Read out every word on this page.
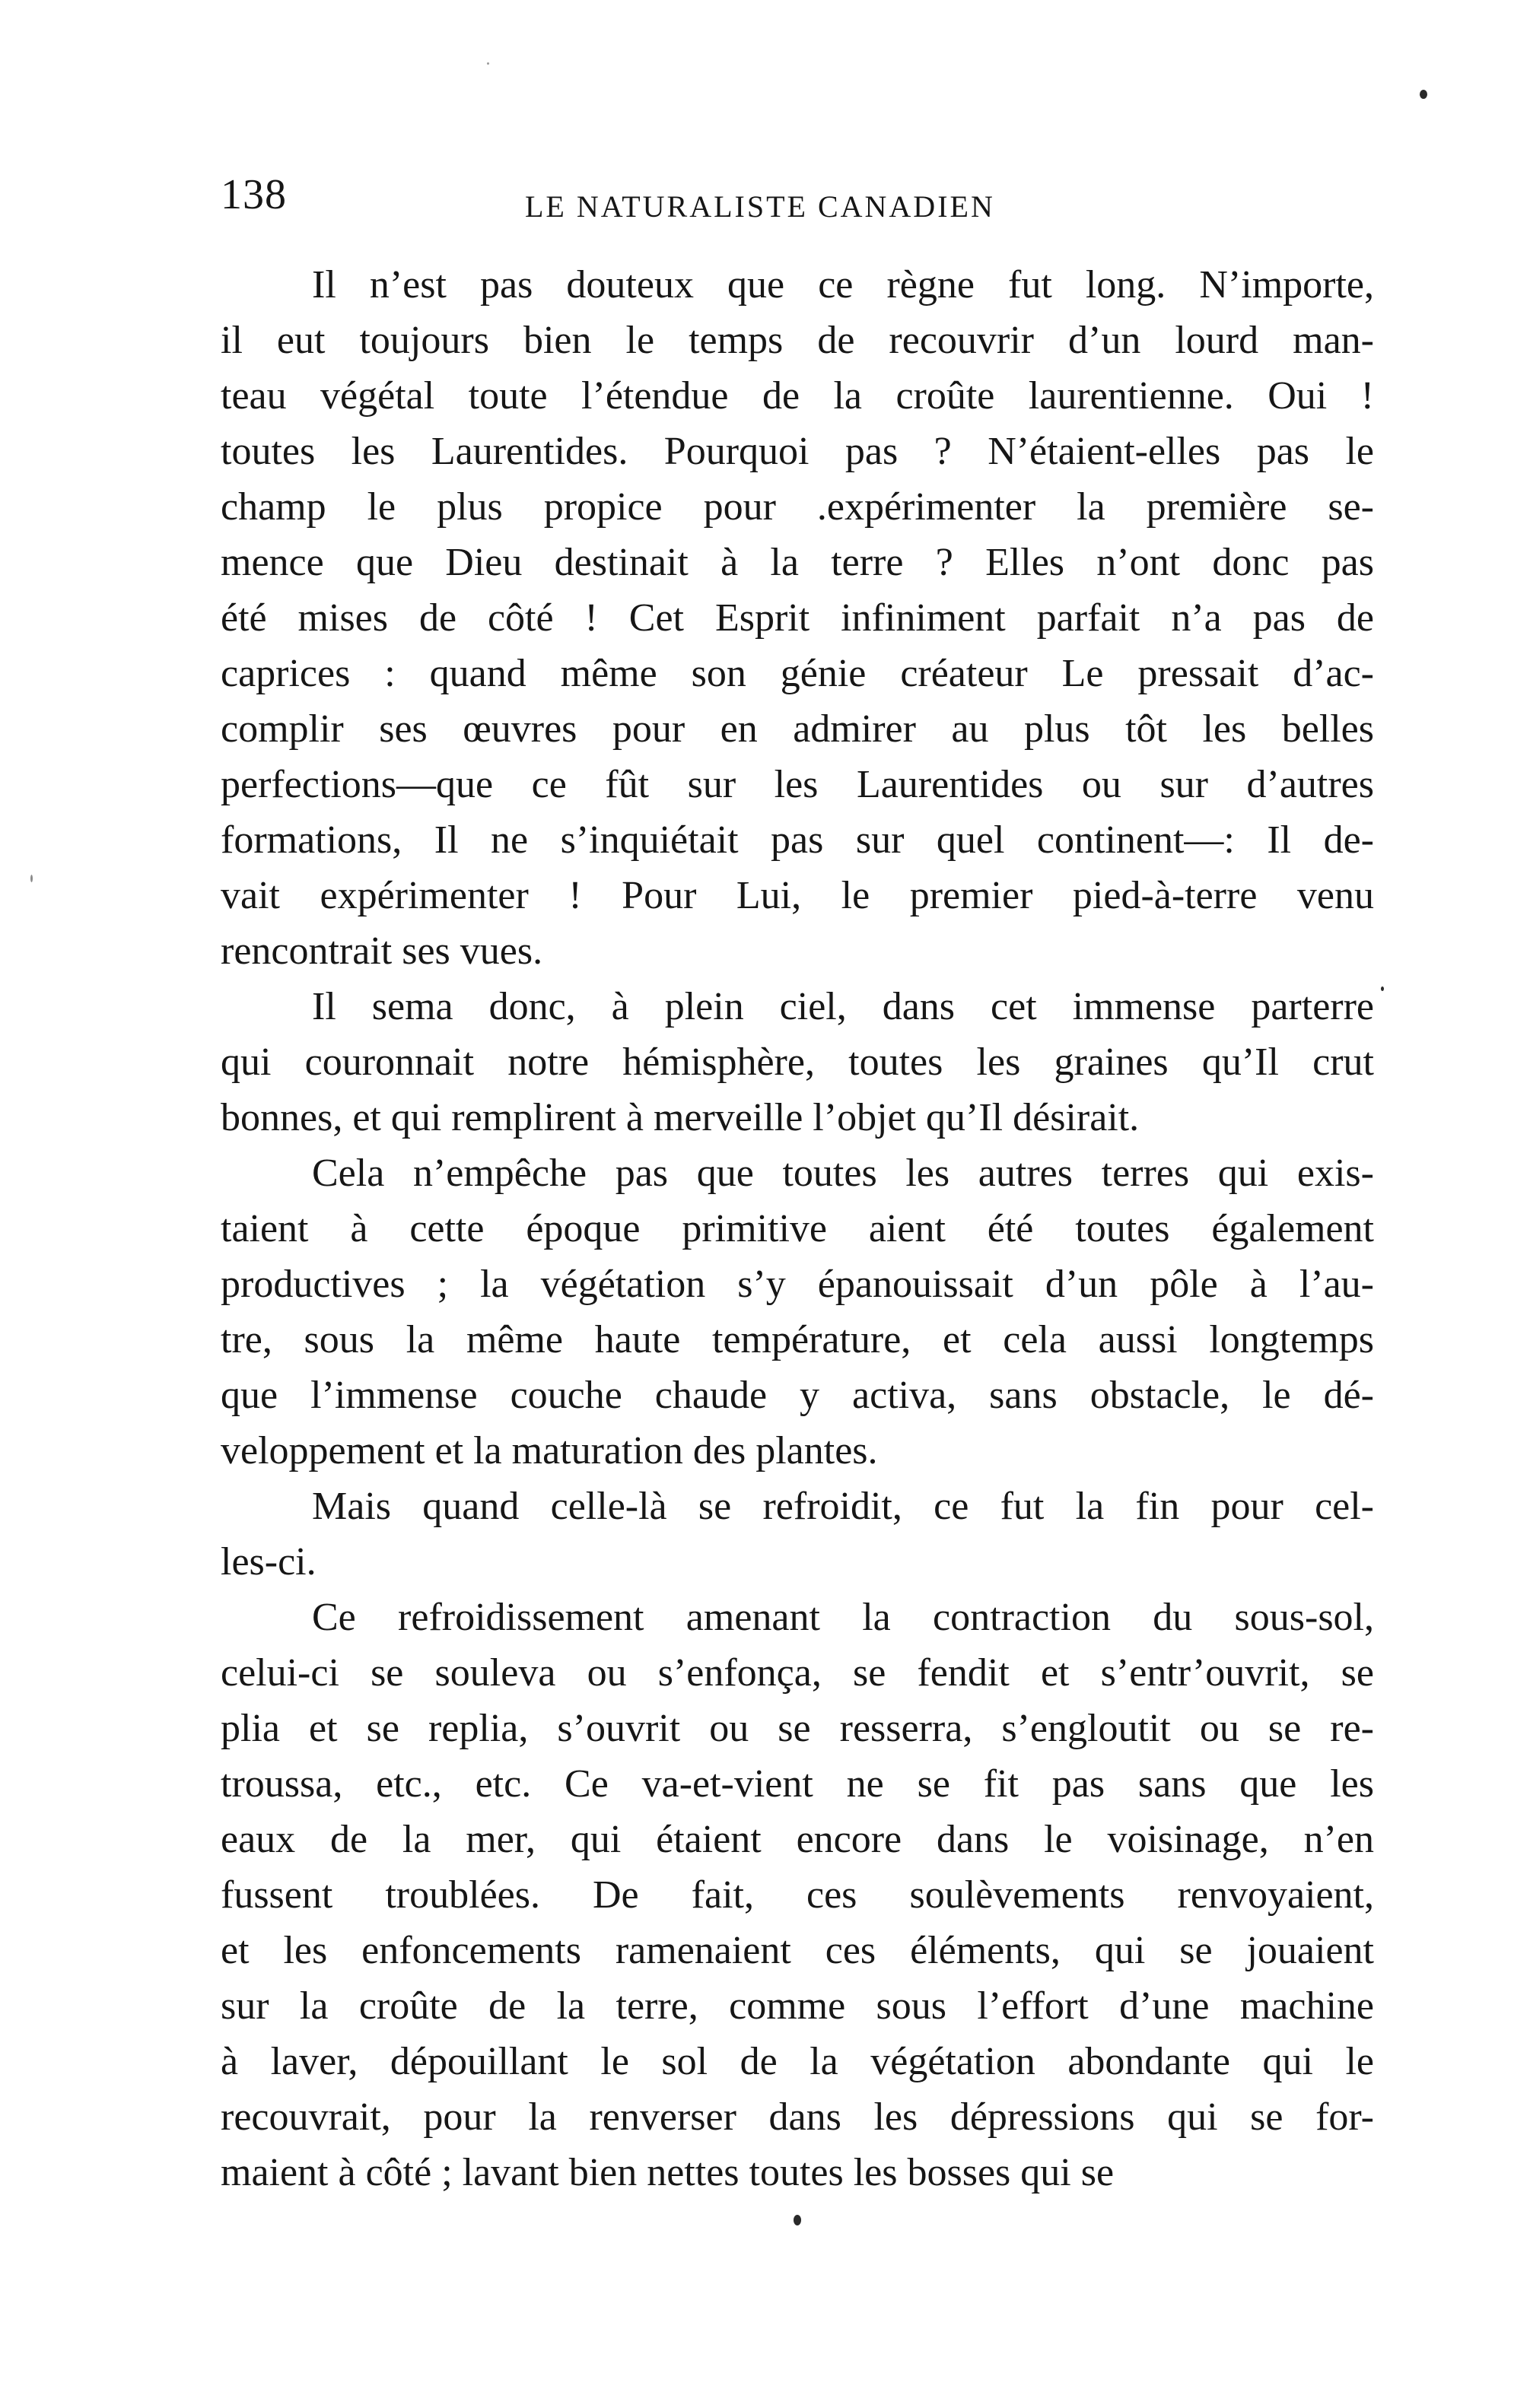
138	LE NATURALISTE CANADIEN
Il n’est pas douteux que ce règne fut long. N’importe,
il eut toujours bien le temps de recouvrir d’un lourd man-
teau végétal toute l’étendue de la croûte laurentienne. Oui !
toutes les Laurentides. Pourquoi pas ? N’étaient-elles pas le
champ le plus propice pour .expérimenter la première se-
mence que Dieu destinait à la terre ? Elles n’ont donc pas
été mises de côté ! Cet Esprit infiniment parfait n’a pas de
caprices : quand même son génie créateur Le pressait d’ac-
complir ses œuvres pour en admirer au plus tôt les belles
perfections—que ce fût sur les Laurentides ou sur d’autres
formations, Il ne s’inquiétait pas sur quel continent—: Il de-
vait expérimenter ! Pour Lui, le premier pied-à-terre venu
rencontrait ses vues.
Il sema donc, à plein ciel, dans cet immense parterre
qui couronnait notre hémisphère, toutes les graines qu’Il crut
bonnes, et qui remplirent à merveille l’objet qu’Il désirait.
Cela n’empêche pas que toutes les autres terres qui exis-
taient à cette époque primitive aient été toutes également
productives ; la végétation s’y épanouissait d’un pôle à l’au-
tre, sous la même haute température, et cela aussi longtemps
que l’immense couche chaude y activa, sans obstacle, le dé-
veloppement et la maturation des plantes.
Mais quand celle-là se refroidit, ce fut la fin pour cel-
les-ci.
Ce refroidissement amenant la contraction du sous-sol,
celui-ci se souleva ou s’enfonça, se fendit et s’entr’ouvrit, se
plia et se replia, s’ouvrit ou se resserra, s’engloutit ou se re-
troussa, etc., etc. Ce va-et-vient ne se fit pas sans que les
eaux de la mer, qui étaient encore dans le voisinage, n’en
fussent troublées. De fait, ces soulèvements renvoyaient,
et les enfoncements ramenaient ces éléments, qui se jouaient
sur la croûte de la terre, comme sous l’effort d’une machine
à laver, dépouillant le sol de la végétation abondante qui le
recouvrait, pour la renverser dans les dépressions qui se for-
maient à côté ; lavant bien nettes toutes les bosses qui se
